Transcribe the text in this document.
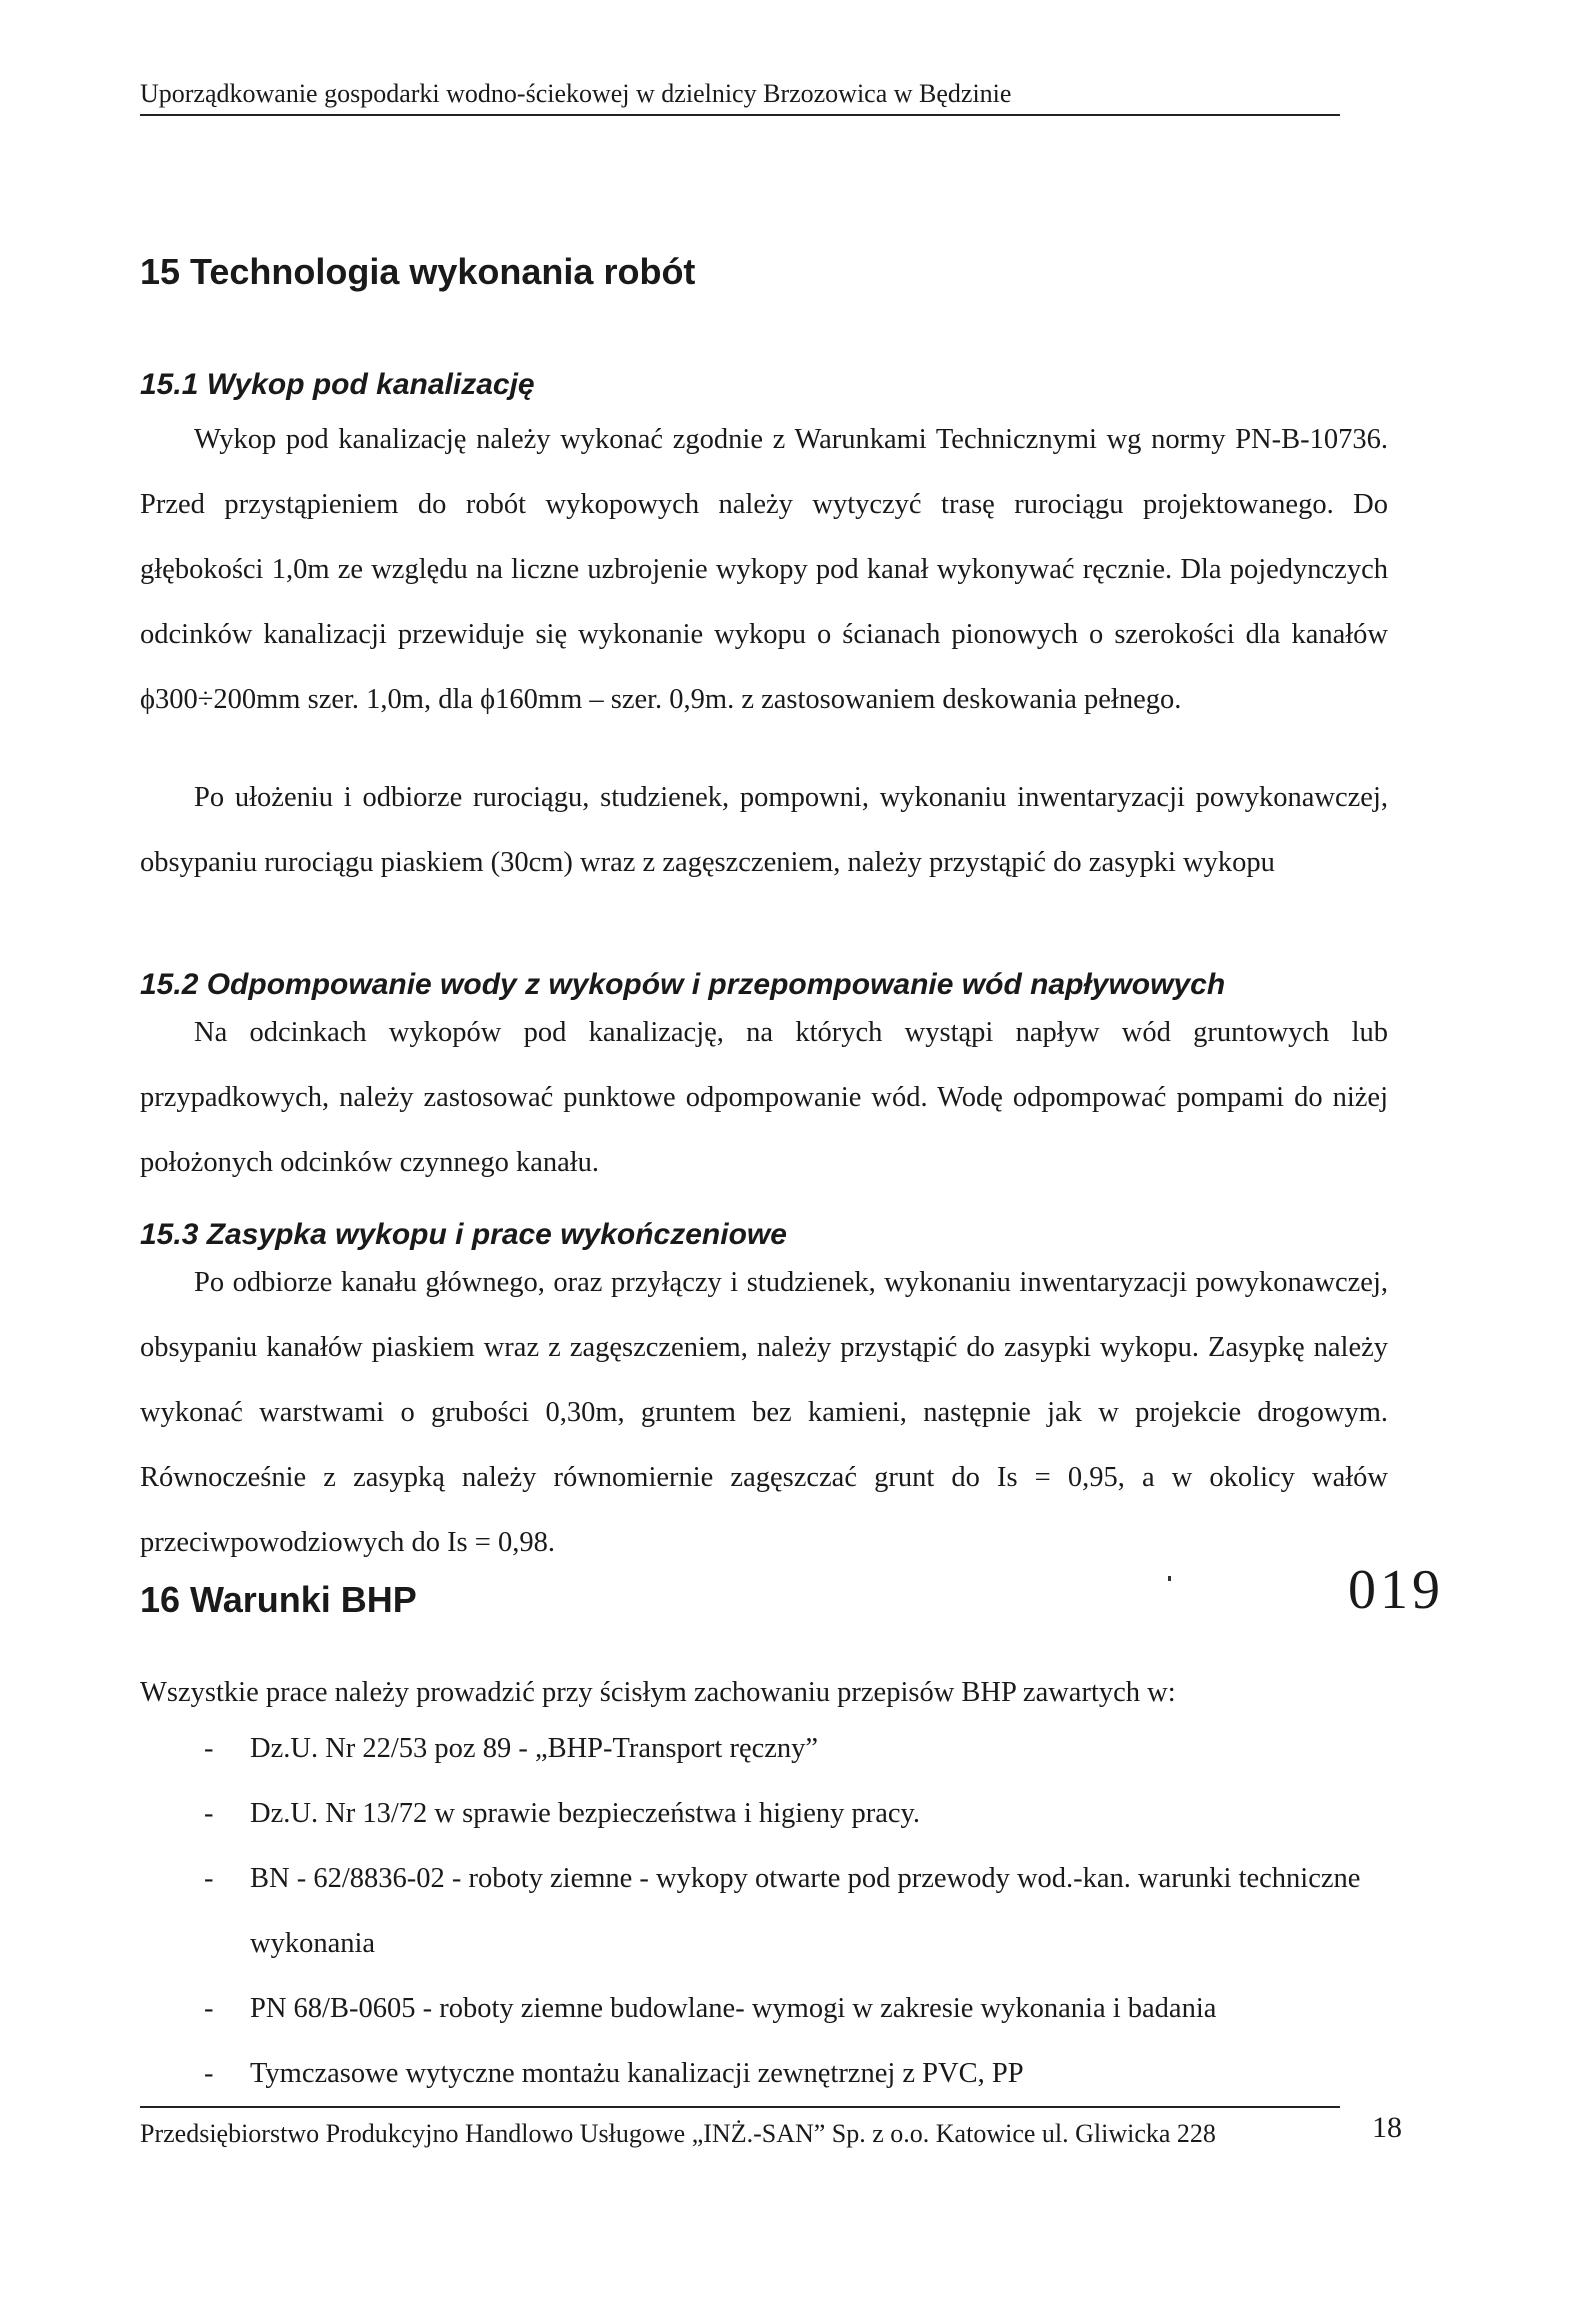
Uporządkowanie gospodarki wodno-ściekowej w dzielnicy Brzozowica w Będzinie
15 Technologia wykonania robót
15.1 Wykop pod kanalizację

Wykop pod kanalizację należy wykonać zgodnie z Warunkami Technicznymi wg normy PN-B-10736. Przed przystąpieniem do robót wykopowych należy wytyczyć trasę rurociągu projektowanego. Do głębokości 1,0m ze względu na liczne uzbrojenie wykopy pod kanał wykonywać ręcznie. Dla pojedynczych odcinków kanalizacji przewiduje się wykonanie wykopu o ścianach pionowych o szerokości dla kanałów ϕ300÷200mm szer. 1,0m, dla ϕ160mm – szer. 0,9m. z zastosowaniem deskowania pełnego.

Po ułożeniu i odbiorze rurociągu, studzienek, pompowni, wykonaniu inwentaryzacji powykonawczej, obsypaniu rurociągu piaskiem (30cm) wraz z zagęszczeniem, należy przystąpić do zasypki wykopu

15.2 Odpompowanie wody z wykopów i przepompowanie wód napływowych

Na odcinkach wykopów pod kanalizację, na których wystąpi napływ wód gruntowych lub przypadkowych, należy zastosować punktowe odpompowanie wód. Wodę odpompować pompami do niżej położonych odcinków czynnego kanału.

15.3 Zasypka wykopu i prace wykończeniowe

Po odbiorze kanału głównego, oraz przyłączy i studzienek, wykonaniu inwentaryzacji powykonawczej, obsypaniu kanałów piaskiem wraz z zagęszczeniem, należy przystąpić do zasypki wykopu. Zasypkę należy wykonać warstwami o grubości 0,30m, gruntem bez kamieni, następnie jak w projekcie drogowym. Równocześnie z zasypką należy równomiernie zagęszczać grunt do Is = 0,95, a w okolicy wałów przeciwpowodziowych do Is = 0,98.

16 Warunki BHP

Wszystkie prace należy prowadzić przy ścisłym zachowaniu przepisów BHP zawartych w:

- Dz.U. Nr 22/53 poz 89 - „BHP-Transport ręczny”
- Dz.U. Nr 13/72 w sprawie bezpieczeństwa i higieny pracy.
- BN - 62/8836-02 - roboty ziemne - wykopy otwarte pod przewody wod.-kan. warunki techniczne wykonania
- PN 68/B-0605 - roboty ziemne budowlane- wymogi w zakresie wykonania i badania
- Tymczasowe wytyczne montażu kanalizacji zewnętrznej z PVC, PP
019
Przedsiębiorstwo Produkcyjno Handlowo Usługowe „INŻ.-SAN” Sp. z o.o. Katowice ul. Gliwicka 228	18
